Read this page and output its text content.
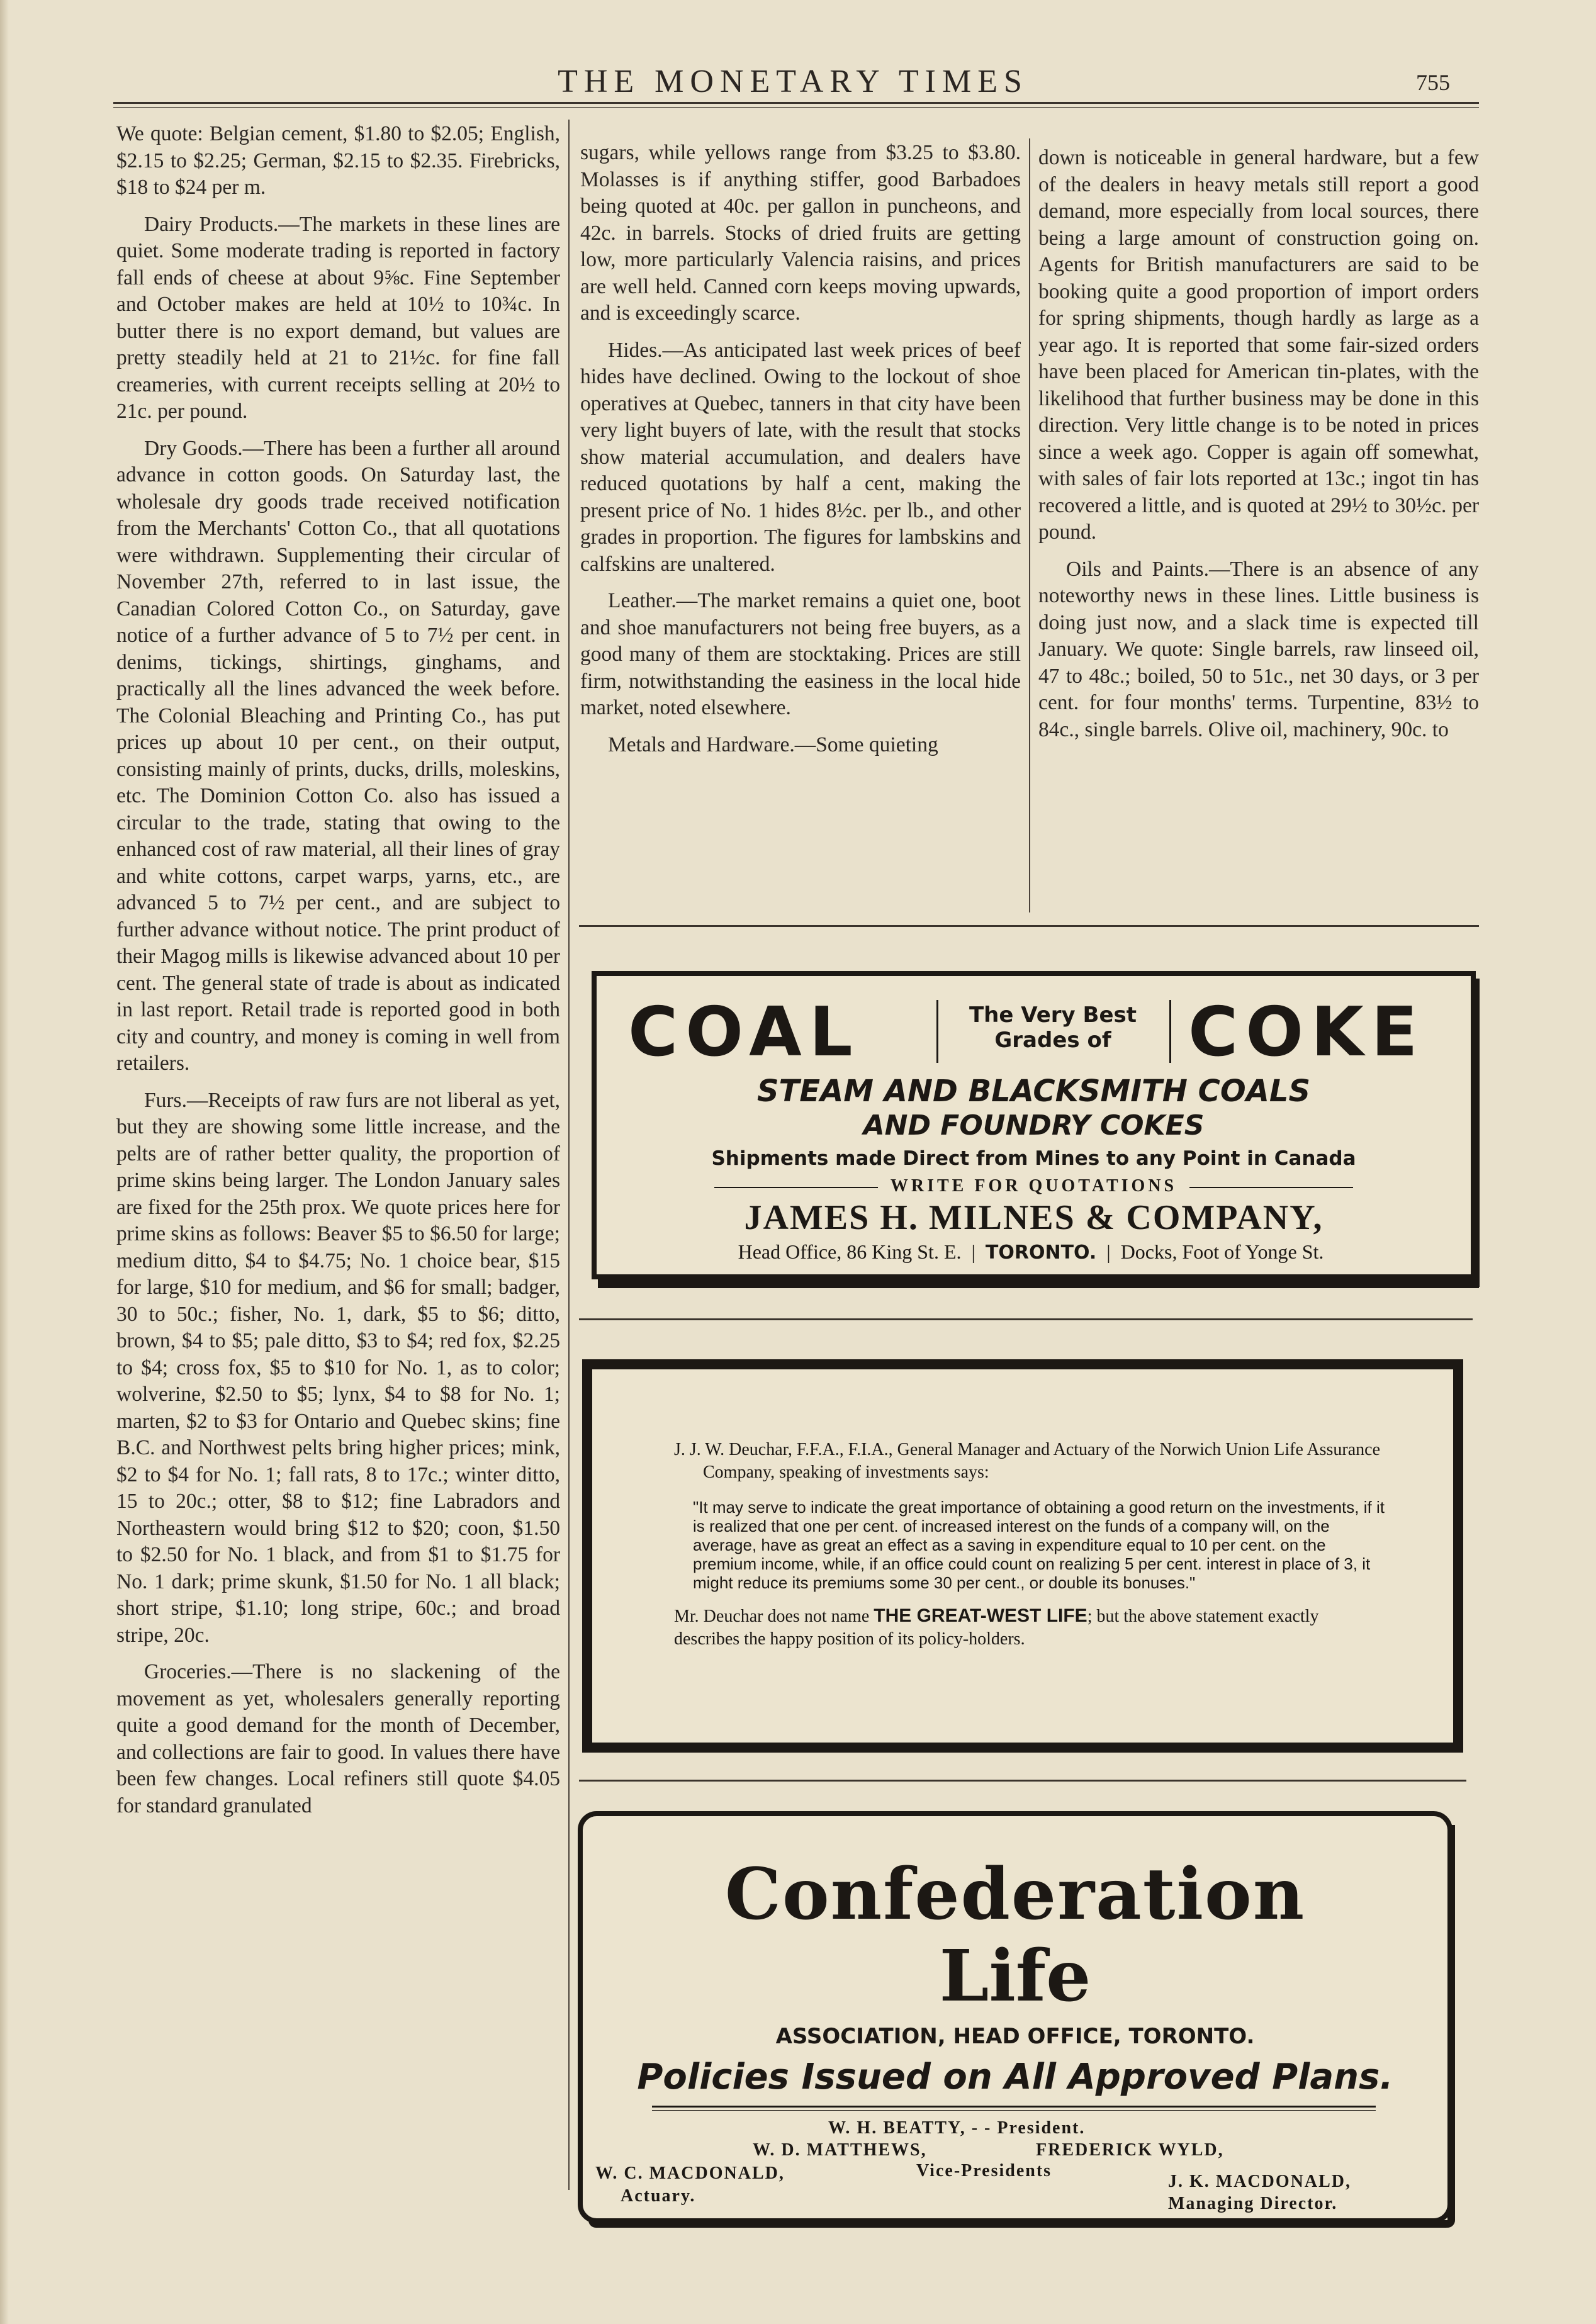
THE MONETARY TIMES	755

We quote: Belgian cement, $1.80 to $2.05; English, $2.15 to $2.25; German, $2.15 to $2.35. Firebricks, $18 to $24 per m.

Dairy Products.—The markets in these lines are quiet. Some moderate trading is reported in factory fall ends of cheese at about 9⅝c. Fine September and October makes are held at 10½ to 10¾c. In butter there is no export demand, but values are pretty steadily held at 21 to 21½c. for fine fall creameries, with current receipts selling at 20½ to 21c. per pound.

Dry Goods.—There has been a further all around advance in cotton goods. On Saturday last, the wholesale dry goods trade received notification from the Merchants' Cotton Co., that all quotations were withdrawn. Supplementing their circular of November 27th, referred to in last issue, the Canadian Colored Cotton Co., on Saturday, gave notice of a further advance of 5 to 7½ per cent. in denims, tickings, shirtings, ginghams, and practically all the lines advanced the week before. The Colonial Bleaching and Printing Co., has put prices up about 10 per cent., on their output, consisting mainly of prints, ducks, drills, moleskins, etc. The Dominion Cotton Co. also has issued a circular to the trade, stating that owing to the enhanced cost of raw material, all their lines of gray and white cottons, carpet warps, yarns, etc., are advanced 5 to 7½ per cent., and are subject to further advance without notice. The print product of their Magog mills is likewise advanced about 10 per cent. The general state of trade is about as indicated in last report. Retail trade is reported good in both city and country, and money is coming in well from retailers.

Furs.—Receipts of raw furs are not liberal as yet, but they are showing some little increase, and the pelts are of rather better quality, the proportion of prime skins being larger. The London January sales are fixed for the 25th prox. We quote prices here for prime skins as follows: Beaver $5 to $6.50 for large; medium ditto, $4 to $4.75; No. 1 choice bear, $15 for large, $10 for medium, and $6 for small; badger, 30 to 50c.; fisher, No. 1, dark, $5 to $6; ditto, brown, $4 to $5; pale ditto, $3 to $4; red fox, $2.25 to $4; cross fox, $5 to $10 for No. 1, as to color; wolverine, $2.50 to $5; lynx, $4 to $8 for No. 1; marten, $2 to $3 for Ontario and Quebec skins; fine B.C. and Northwest pelts bring higher prices; mink, $2 to $4 for No. 1; fall rats, 8 to 17c.; winter ditto, 15 to 20c.; otter, $8 to $12; fine Labradors and Northeastern would bring $12 to $20; coon, $1.50 to $2.50 for No. 1 black, and from $1 to $1.75 for No. 1 dark; prime skunk, $1.50 for No. 1 all black; short stripe, $1.10; long stripe, 60c.; and broad stripe, 20c.

Groceries.—There is no slackening of the movement as yet, wholesalers generally reporting quite a good demand for the month of December, and collections are fair to good. In values there have been few changes. Local refiners still quote $4.05 for standard granulated

sugars, while yellows range from $3.25 to $3.80. Molasses is if anything stiffer, good Barbadoes being quoted at 40c. per gallon in puncheons, and 42c. in barrels. Stocks of dried fruits are getting low, more particularly Valencia raisins, and prices are well held. Canned corn keeps moving upwards, and is exceedingly scarce.

Hides.—As anticipated last week prices of beef hides have declined. Owing to the lockout of shoe operatives at Quebec, tanners in that city have been very light buyers of late, with the result that stocks show material accumulation, and dealers have reduced quotations by half a cent, making the present price of No. 1 hides 8½c. per lb., and other grades in proportion. The figures for lambskins and calfskins are unaltered.

Leather.—The market remains a quiet one, boot and shoe manufacturers not being free buyers, as a good many of them are stocktaking. Prices are still firm, notwithstanding the easiness in the local hide market, noted elsewhere.

Metals and Hardware.—Some quieting

down is noticeable in general hardware, but a few of the dealers in heavy metals still report a good demand, more especially from local sources, there being a large amount of construction going on. Agents for British manufacturers are said to be booking quite a good proportion of import orders for spring shipments, though hardly as large as a year ago. It is reported that some fair-sized orders have been placed for American tin-plates, with the likelihood that further business may be done in this direction. Very little change is to be noted in prices since a week ago. Copper is again off somewhat, with sales of fair lots reported at 13c.; ingot tin has recovered a little, and is quoted at 29½ to 30½c. per pound.

Oils and Paints.—There is an absence of any noteworthy news in these lines. Little business is doing just now, and a slack time is expected till January. We quote: Single barrels, raw linseed oil, 47 to 48c.; boiled, 50 to 51c., net 30 days, or 3 per cent. for four months' terms. Turpentine, 83½ to 84c., single barrels. Olive oil, machinery, 90c. to

COAL	The Very Best Grades of	COKE
STEAM AND BLACKSMITH COALS
AND FOUNDRY COKES
Shipments made Direct from Mines to any Point in Canada
WRITE FOR QUOTATIONS
JAMES H. MILNES & COMPANY,
Head Office, 86 King St. E.  |  TORONTO.  |  Docks, Foot of Yonge St.

J. J. W. Deuchar, F.F.A., F.I.A., General Manager and Actuary of the Norwich Union Life Assurance Company, speaking of investments says:

"It may serve to indicate the great importance of obtaining a good return on the investments, if it is realized that one per cent. of increased interest on the funds of a company will, on the average, have as great an effect as a saving in expenditure equal to 10 per cent. on the premium income, while, if an office could count on realizing 5 per cent. interest in place of 3, it might reduce its premiums some 30 per cent., or double its bonuses."

Mr. Deuchar does not name THE GREAT-WEST LIFE; but the above statement exactly describes the happy position of its policy-holders.

Confederation
Life
ASSOCIATION, HEAD OFFICE, TORONTO.
Policies Issued on All Approved Plans.
W. H. BEATTY, - - President.
W. D. MATTHEWS,	FREDERICK WYLD,
Vice-Presidents
W. C. MACDONALD,
Actuary.
J. K. MACDONALD,
Managing Director.
